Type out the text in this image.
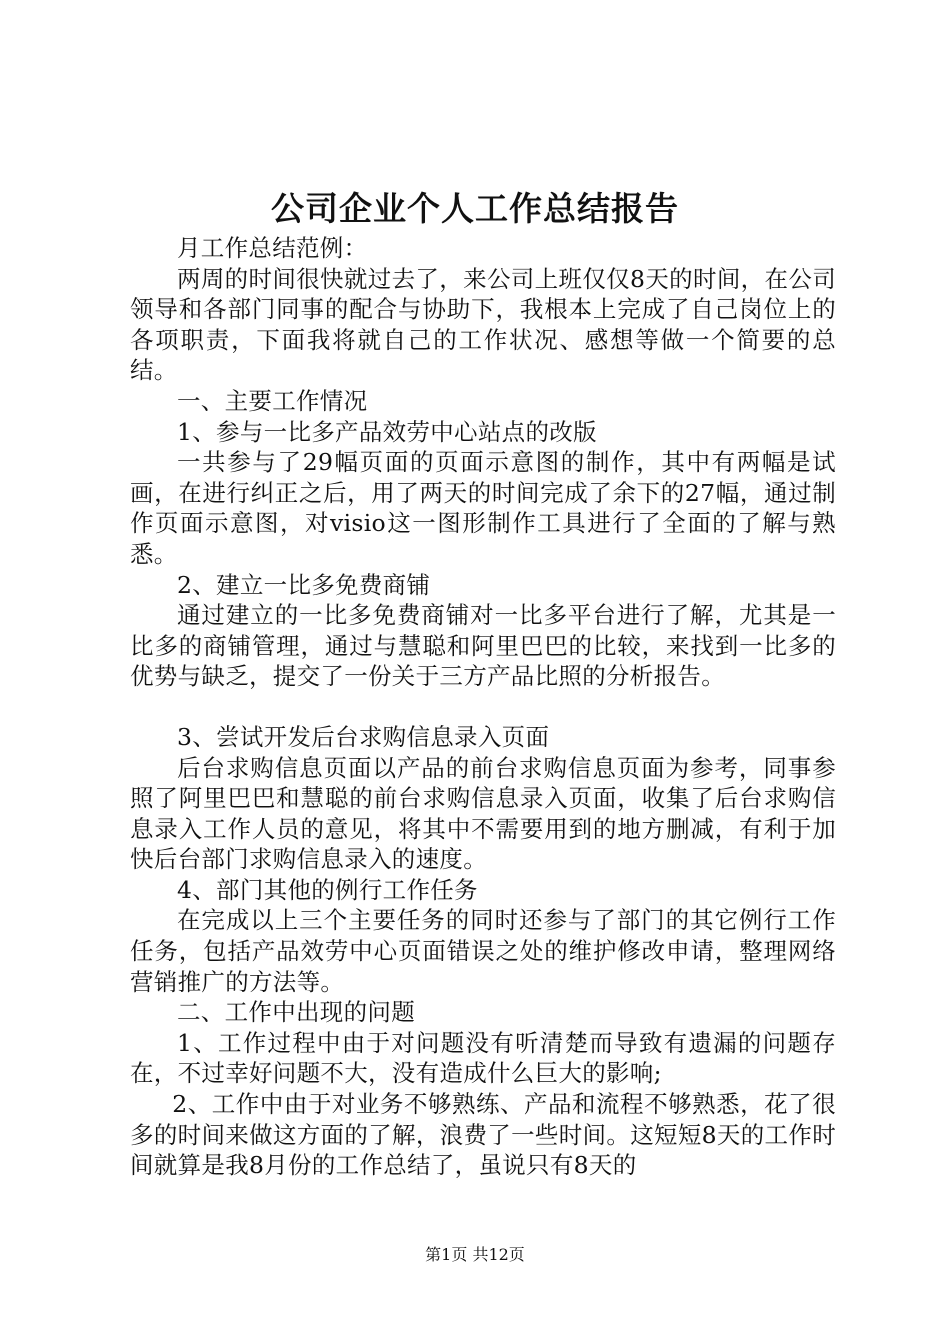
公司企业个人工作总结报告

月工作总结范例：

两周的时间很快就过去了，来公司上班仅仅8天的时间，在公司领导和各部门同事的配合与协助下，我根本上完成了自己岗位上的各项职责，下面我将就自己的工作状况、感想等做一个简要的总结。

一、主要工作情况

1、参与一比多产品效劳中心站点的改版

一共参与了29幅页面的页面示意图的制作，其中有两幅是试画，在进行纠正之后，用了两天的时间完成了余下的27幅，通过制作页面示意图，对visio这一图形制作工具进行了全面的了解与熟悉。

2、建立一比多免费商铺

通过建立的一比多免费商铺对一比多平台进行了解，尤其是一比多的商铺管理，通过与慧聪和阿里巴巴的比较，来找到一比多的优势与缺乏，提交了一份关于三方产品比照的分析报告。

3、尝试开发后台求购信息录入页面

后台求购信息页面以产品的前台求购信息页面为参考，同事参照了阿里巴巴和慧聪的前台求购信息录入页面，收集了后台求购信息录入工作人员的意见，将其中不需要用到的地方删减，有利于加快后台部门求购信息录入的速度。

4、部门其他的例行工作任务

在完成以上三个主要任务的同时还参与了部门的其它例行工作任务，包括产品效劳中心页面错误之处的维护修改申请，整理网络营销推广的方法等。

二、工作中出现的问题

1、工作过程中由于对问题没有听清楚而导致有遗漏的问题存在，不过幸好问题不大，没有造成什么巨大的影响;

2、工作中由于对业务不够熟练、产品和流程不够熟悉，花了很多的时间来做这方面的了解，浪费了一些时间。这短短8天的工作时间就算是我8月份的工作总结了，虽说只有8天的

第1页 共12页
